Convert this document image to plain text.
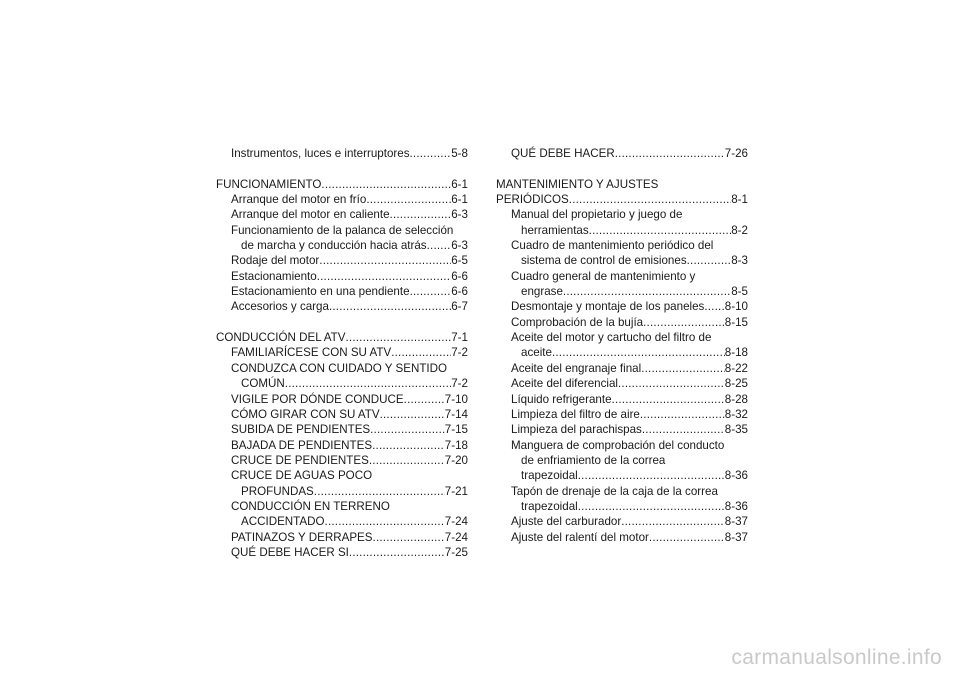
Instrumentos, luces e interruptores .....	5-8
FUNCIONAMIENTO .....	6-1
Arranque del motor en frío .....	6-1
Arranque del motor en caliente .....	6-3
Funcionamiento de la palanca de selección
de marcha y conducción hacia atrás ..... 6-3
Rodaje del motor .....	6-5
Estacionamiento .....	6-6
Estacionamiento en una pendiente .....	6-6
Accesorios y carga .....	6-7
CONDUCCIÓN DEL ATV .....	7-1
FAMILIARÍCESE CON SU ATV .....	7-2
CONDUZCA CON CUIDADO Y SENTIDO
COMÚN .....	7-2
VIGILE POR DÓNDE CONDUCE .....	7-10
CÓMO GIRAR CON SU ATV .....	7-14
SUBIDA DE PENDIENTES .....	7-15
BAJADA DE PENDIENTES .....	7-18
CRUCE DE PENDIENTES .....	7-20
CRUCE DE AGUAS POCO
PROFUNDAS .....	7-21
CONDUCCIÓN EN TERRENO
ACCIDENTADO .....	7-24
PATINAZOS Y DERRAPES .....	7-24
QUÉ DEBE HACER SI .....	7-25
QUÉ DEBE HACER .....	7-26
MANTENIMIENTO Y AJUSTES
PERIÓDICOS .....	8-1
Manual del propietario y juego de
herramientas .....	8-2
Cuadro de mantenimiento periódico del
sistema de control de emisiones .....	8-3
Cuadro general de mantenimiento y
engrase .....	8-5
Desmontaje y montaje de los paneles ..... 8-10
Comprobación de la bujía .....	8-15
Aceite del motor y cartucho del filtro de
aceite .....	8-18
Aceite del engranaje final .....	8-22
Aceite del diferencial .....	8-25
Líquido refrigerante .....	8-28
Limpieza del filtro de aire .....	8-32
Limpieza del parachispas .....	8-35
Manguera de comprobación del conducto
de enfriamiento de la correa
trapezoidal .....	8-36
Tapón de drenaje de la caja de la correa
trapezoidal .....	8-36
Ajuste del carburador .....	8-37
Ajuste del ralentí del motor .....	8-37
carmanualsonline.info
